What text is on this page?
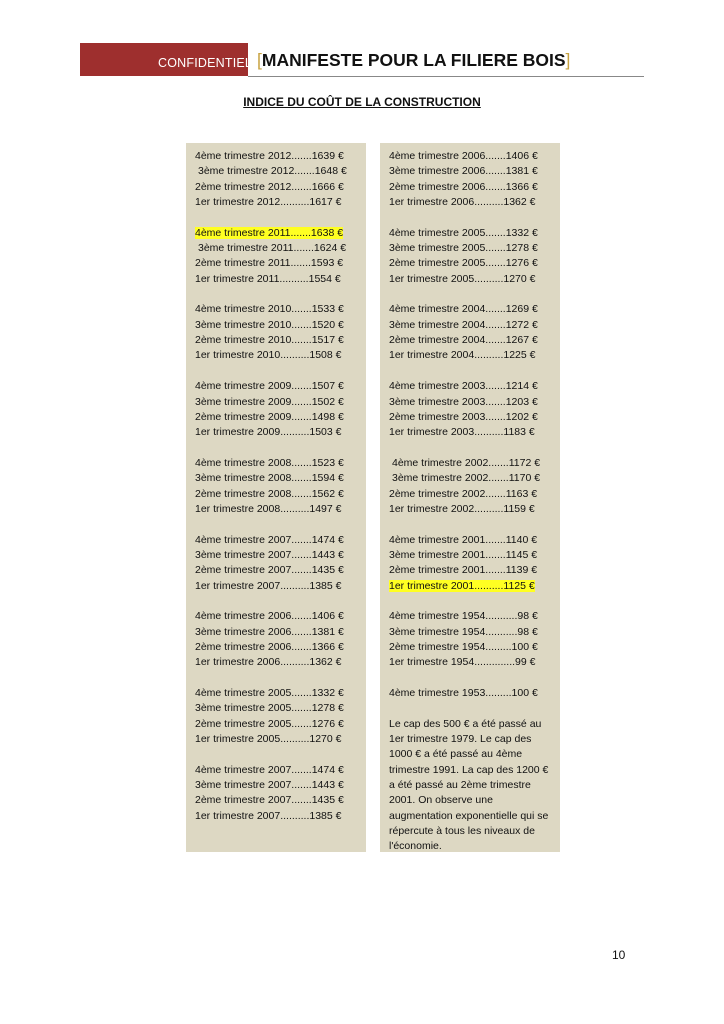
CONFIDENTIEL [MANIFESTE POUR LA FILIERE BOIS]
INDICE DU COÛT DE LA CONSTRUCTION
4ème trimestre 2012.......1639 €
3ème trimestre 2012.......1648 €
2ème trimestre 2012.......1666 €
1er trimestre 2012..........1617 €
4ème trimestre 2011.......1638 €
3ème trimestre 2011.......1624 €
2ème trimestre 2011.......1593 €
1er trimestre 2011..........1554 €
4ème trimestre 2010.......1533 €
3ème trimestre 2010.......1520 €
2ème trimestre 2010.......1517 €
1er trimestre 2010..........1508 €
4ème trimestre 2009.......1507 €
3ème trimestre 2009.......1502 €
2ème trimestre 2009.......1498 €
1er trimestre 2009..........1503 €
4ème trimestre 2008.......1523 €
3ème trimestre 2008.......1594 €
2ème trimestre 2008.......1562 €
1er trimestre 2008..........1497 €
4ème trimestre 2007.......1474 €
3ème trimestre 2007.......1443 €
2ème trimestre 2007.......1435 €
1er trimestre 2007..........1385 €
4ème trimestre 2006.......1406 €
3ème trimestre 2006.......1381 €
2ème trimestre 2006.......1366 €
1er trimestre 2006..........1362 €
4ème trimestre 2005.......1332 €
3ème trimestre 2005.......1278 €
2ème trimestre 2005.......1276 €
1er trimestre 2005..........1270 €
4ème trimestre 2007.......1474 €
3ème trimestre 2007.......1443 €
2ème trimestre 2007.......1435 €
1er trimestre 2007..........1385 €
4ème trimestre 2006.......1406 €
3ème trimestre 2006.......1381 €
2ème trimestre 2006.......1366 €
1er trimestre 2006..........1362 €
4ème trimestre 2005.......1332 €
3ème trimestre 2005.......1278 €
2ème trimestre 2005.......1276 €
1er trimestre 2005..........1270 €
4ème trimestre 2004.......1269 €
3ème trimestre 2004.......1272 €
2ème trimestre 2004.......1267 €
1er trimestre 2004..........1225 €
4ème trimestre 2003.......1214 €
3ème trimestre 2003.......1203 €
2ème trimestre 2003.......1202 €
1er trimestre 2003..........1183 €
4ème trimestre 2002.......1172 €
3ème trimestre 2002.......1170 €
2ème trimestre 2002.......1163 €
1er trimestre 2002..........1159 €
4ème trimestre 2001.......1140 €
3ème trimestre 2001.......1145 €
2ème trimestre 2001.......1139 €
1er trimestre 2001..........1125 €
4ème trimestre 1954...........98 €
3ème trimestre 1954...........98 €
2ème trimestre 1954.........100 €
1er trimestre 1954..............99 €
4ème trimestre 1953.........100 €
Le cap des 500 € a été passé au 1er trimestre 1979. Le cap des 1000 € a été passé au 4ème trimestre 1991. La cap des 1200 € a été passé au 2ème trimestre 2001. On observe une augmentation exponentielle qui se répercute à tous les niveaux de l'économie.
10
